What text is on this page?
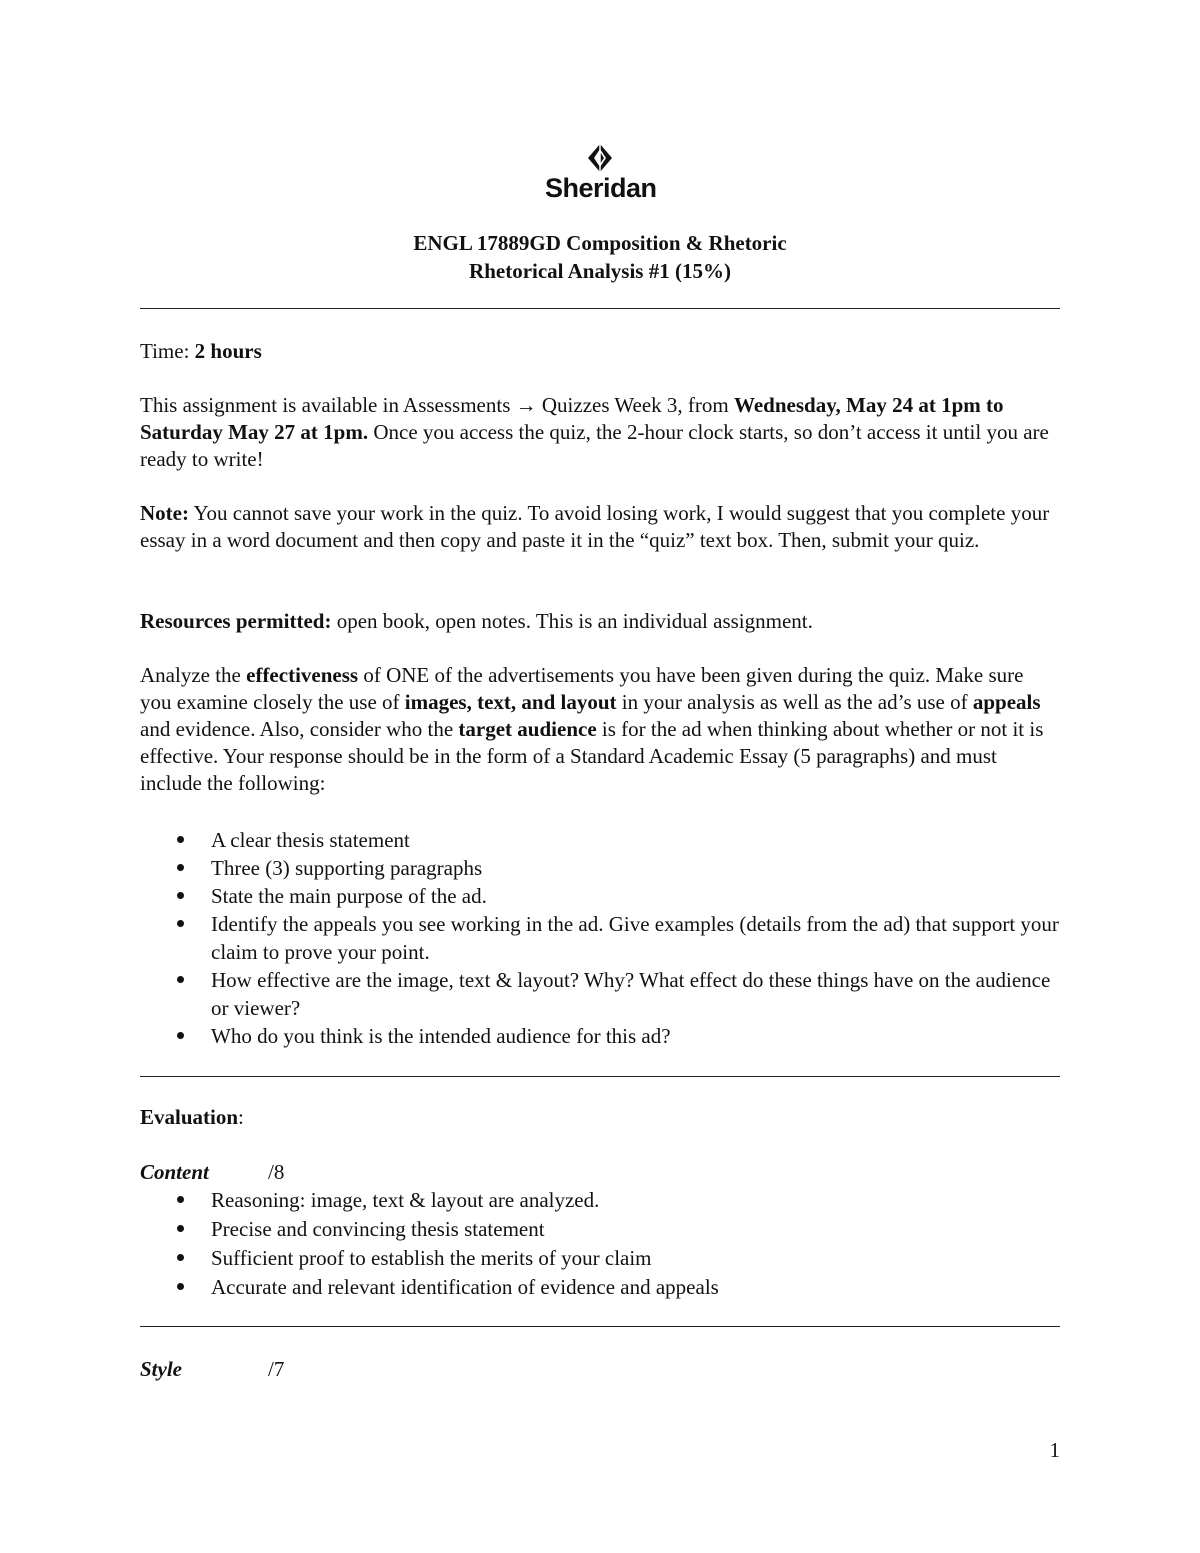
Sheridan
ENGL 17889GD Composition & Rhetoric
Rhetorical Analysis #1 (15%)
Time: 2 hours

This assignment is available in Assessments → Quizzes Week 3, from Wednesday, May 24 at 1pm to Saturday May 27 at 1pm. Once you access the quiz, the 2-hour clock starts, so don’t access it until you are ready to write!

Note: You cannot save your work in the quiz. To avoid losing work, I would suggest that you complete your essay in a word document and then copy and paste it in the “quiz” text box. Then, submit your quiz.

Resources permitted: open book, open notes. This is an individual assignment.

Analyze the effectiveness of ONE of the advertisements you have been given during the quiz. Make sure you examine closely the use of images, text, and layout in your analysis as well as the ad’s use of appeals and evidence. Also, consider who the target audience is for the ad when thinking about whether or not it is effective. Your response should be in the form of a Standard Academic Essay (5 paragraphs) and must include the following:

A clear thesis statement
Three (3) supporting paragraphs
State the main purpose of the ad.
Identify the appeals you see working in the ad. Give examples (details from the ad) that support your claim to prove your point.
How effective are the image, text & layout? Why? What effect do these things have on the audience or viewer?
Who do you think is the intended audience for this ad?
Evaluation:
Content	/8
Reasoning: image, text & layout are analyzed.
Precise and convincing thesis statement
Sufficient proof to establish the merits of your claim
Accurate and relevant identification of evidence and appeals
Style	/7
1
